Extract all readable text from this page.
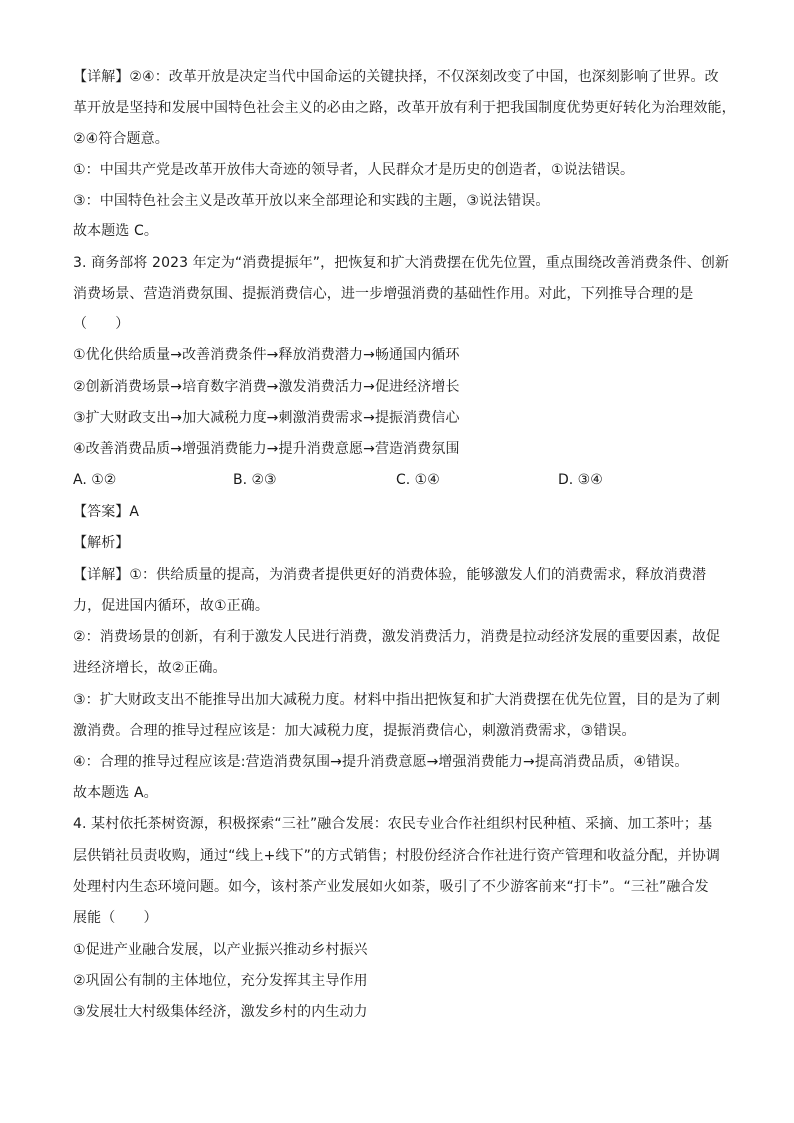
【详解】②④：改革开放是决定当代中国命运的关键抉择，不仅深刻改变了中国，也深刻影响了世界。改
革开放是坚持和发展中国特色社会主义的必由之路，改革开放有利于把我国制度优势更好转化为治理效能，
②④符合题意。
①：中国共产党是改革开放伟大奇迹的领导者，人民群众才是历史的创造者，①说法错误。
③：中国特色社会主义是改革开放以来全部理论和实践的主题，③说法错误。
故本题选 C。
3. 商务部将 2023 年定为“消费提振年”，把恢复和扩大消费摆在优先位置，重点围绕改善消费条件、创新
消费场景、营造消费氛围、提振消费信心，进一步增强消费的基础性作用。对此，下列推导合理的是
（　　）
①优化供给质量→改善消费条件→释放消费潜力→畅通国内循环
②创新消费场景→培育数字消费→激发消费活力→促进经济增长
③扩大财政支出→加大减税力度→刺激消费需求→提振消费信心
④改善消费品质→增强消费能力→提升消费意愿→营造消费氛围
A. ①②	B. ②③	C. ①④	D. ③④
【答案】A
【解析】
【详解】①：供给质量的提高，为消费者提供更好的消费体验，能够激发人们的消费需求，释放消费潜
力，促进国内循环，故①正确。
②：消费场景的创新，有利于激发人民进行消费，激发消费活力，消费是拉动经济发展的重要因素，故促
进经济增长，故②正确。
③：扩大财政支出不能推导出加大减税力度。材料中指出把恢复和扩大消费摆在优先位置，目的是为了刺
激消费。合理的推导过程应该是：加大减税力度，提振消费信心，刺激消费需求，③错误。
④：合理的推导过程应该是:营造消费氛围→提升消费意愿→增强消费能力→提高消费品质，④错误。
故本题选 A。
4. 某村依托茶树资源，积极探索“三社”融合发展：农民专业合作社组织村民种植、采摘、加工茶叶；基
层供销社员责收购，通过“线上+线下”的方式销售；村股份经济合作社进行资产管理和收益分配，并协调
处理村内生态环境问题。如今，该村茶产业发展如火如荼，吸引了不少游客前来“打卡”。“三社”融合发
展能（　　）
①促进产业融合发展，以产业振兴推动乡村振兴
②巩固公有制的主体地位，充分发挥其主导作用
③发展壮大村级集体经济，激发乡村的内生动力
